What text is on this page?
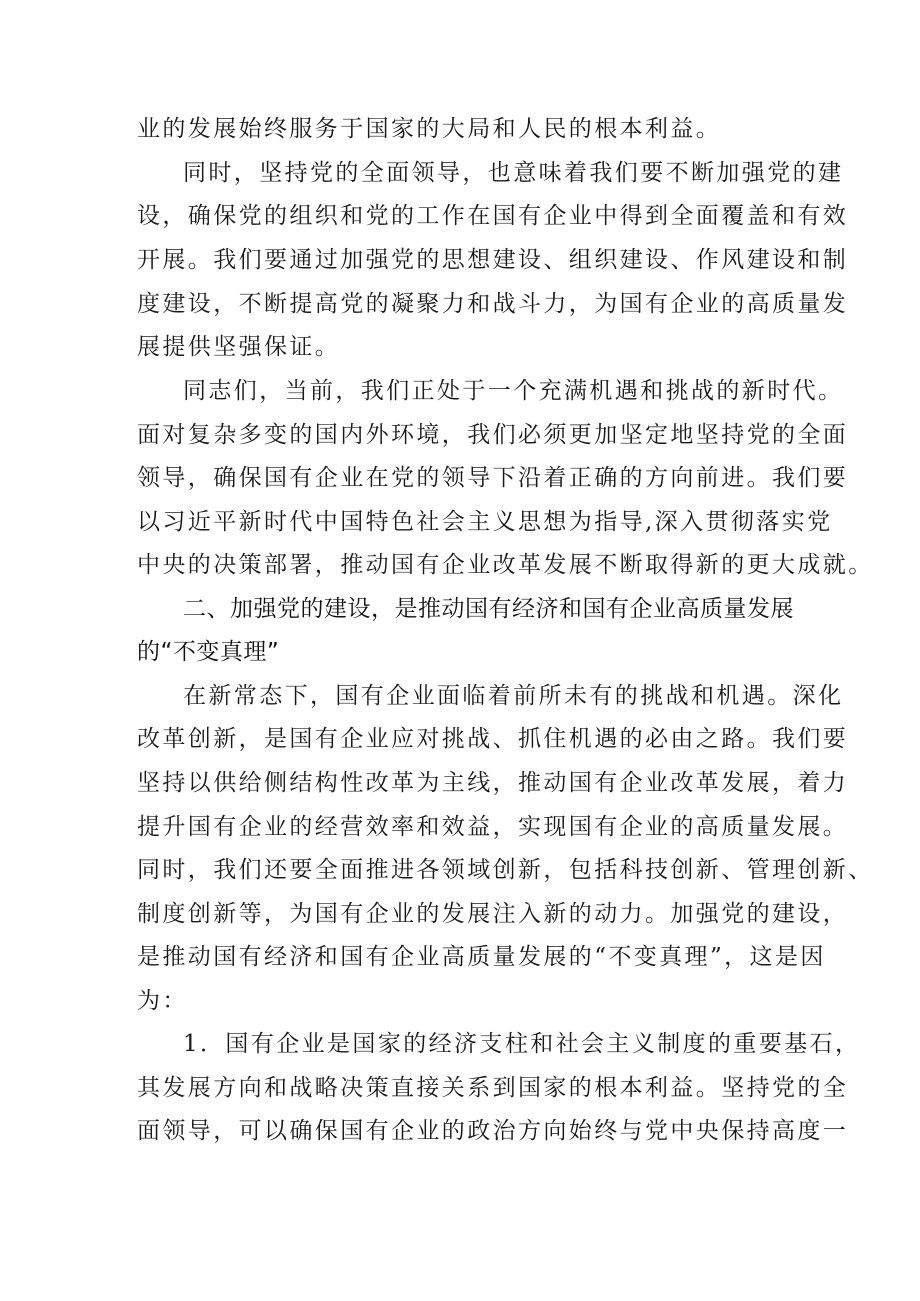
业的发展始终服务于国家的大局和人民的根本利益。
同时，坚持党的全面领导，也意味着我们要不断加强党的建
设，确保党的组织和党的工作在国有企业中得到全面覆盖和有效
开展。我们要通过加强党的思想建设、组织建设、作风建设和制
度建设，不断提高党的凝聚力和战斗力，为国有企业的高质量发
展提供坚强保证。
同志们，当前，我们正处于一个充满机遇和挑战的新时代。
面对复杂多变的国内外环境，我们必须更加坚定地坚持党的全面
领导，确保国有企业在党的领导下沿着正确的方向前进。我们要
以习近平新时代中国特色社会主义思想为指导,深入贯彻落实党
中央的决策部署，推动国有企业改革发展不断取得新的更大成就。
二、加强党的建设，是推动国有经济和国有企业高质量发展
的“不变真理”
在新常态下，国有企业面临着前所未有的挑战和机遇。深化
改革创新，是国有企业应对挑战、抓住机遇的必由之路。我们要
坚持以供给侧结构性改革为主线，推动国有企业改革发展，着力
提升国有企业的经营效率和效益，实现国有企业的高质量发展。
同时，我们还要全面推进各领域创新，包括科技创新、管理创新、
制度创新等，为国有企业的发展注入新的动力。加强党的建设，
是推动国有经济和国有企业高质量发展的“不变真理”，这是因
为：
1．国有企业是国家的经济支柱和社会主义制度的重要基石，
其发展方向和战略决策直接关系到国家的根本利益。坚持党的全
面领导，可以确保国有企业的政治方向始终与党中央保持高度一
